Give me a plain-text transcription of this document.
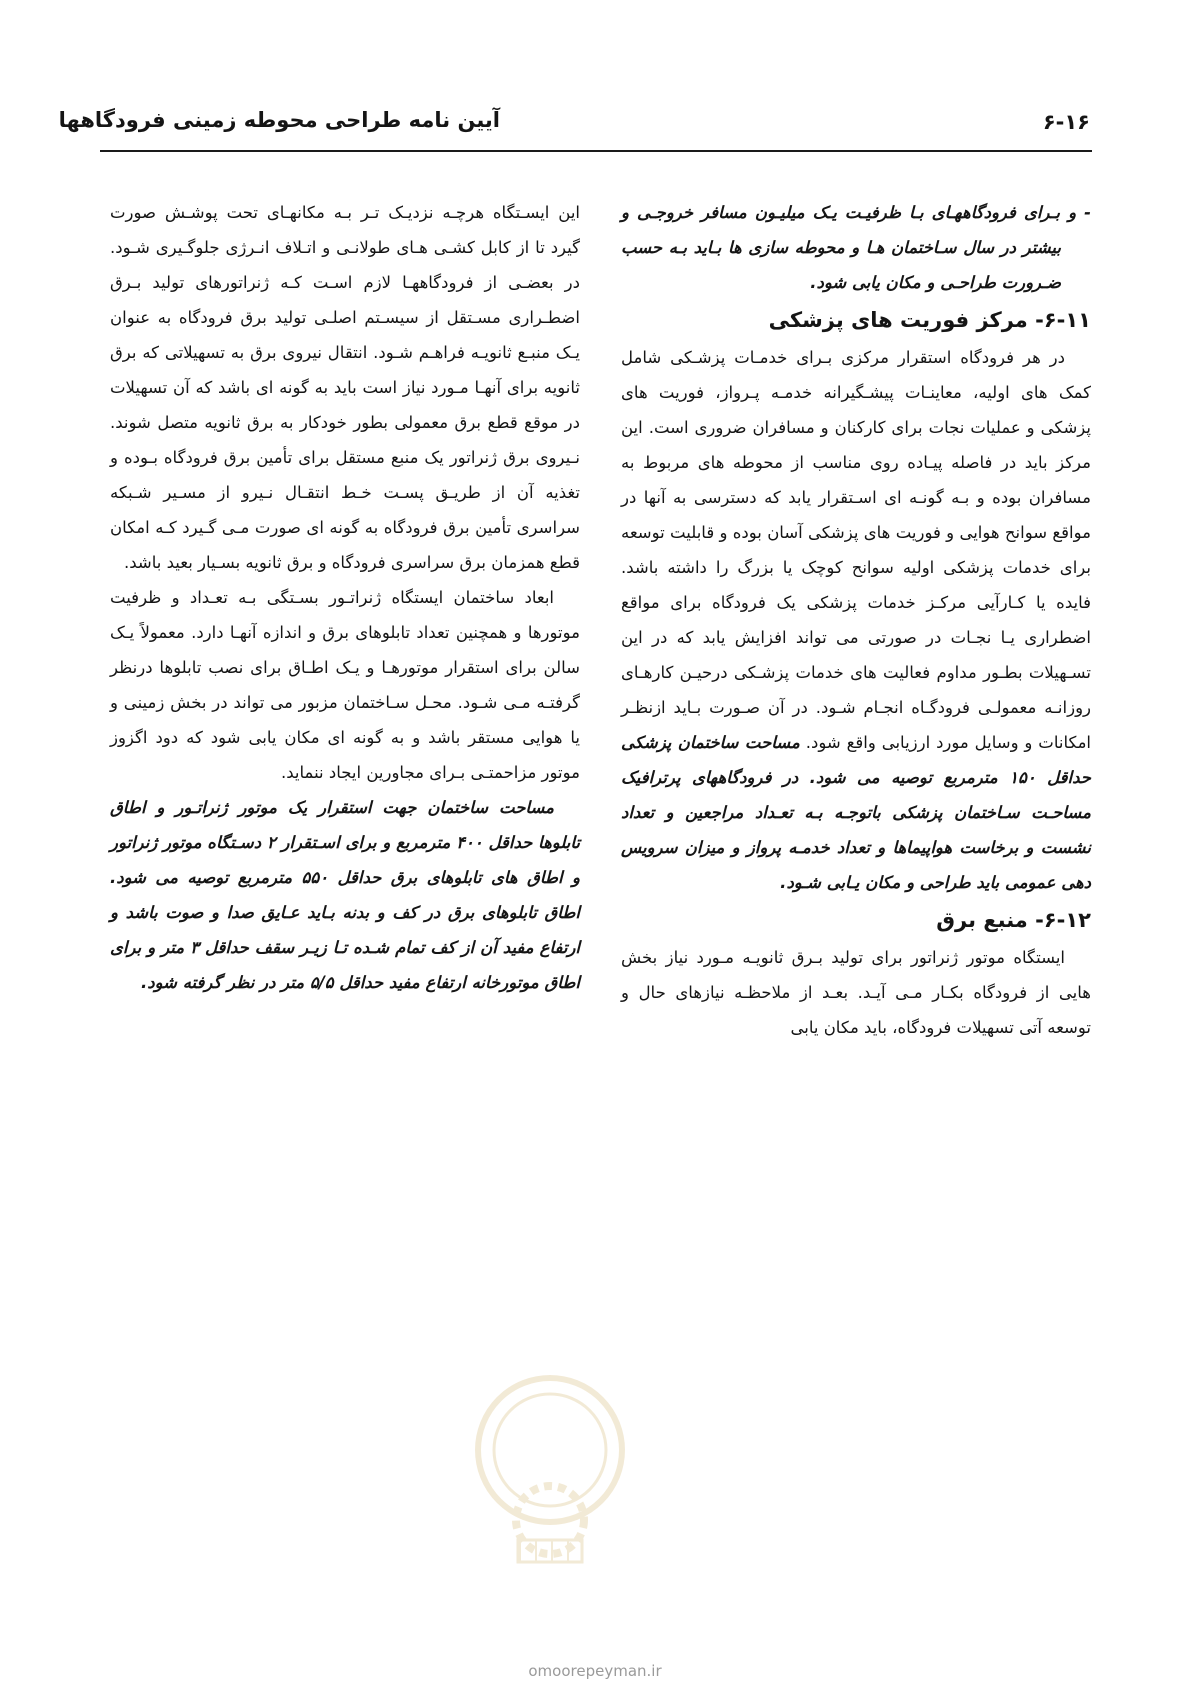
آیین نامه طراحی محوطه زمینی فرودگاهها	۶-۱۶

- و بـرای فرودگاههـای بـا ظرفیـت یـک میلیـون مسافر خروجـی و بیشتر در سال سـاختمان هـا و محوطه سازی ها بـاید بـه حسب ضـرورت طراحـی و مکان یابی شود.

۶-۱۱- مرکز فوریت های پزشکی

در هر فرودگاه استقرار مرکزی بـرای خدمـات پزشـکی شامل کمک های اولیه، معاینـات پیشـگیرانه خدمـه پـرواز، فوریت های پزشکی و عملیات نجات برای کارکنان و مسافران ضروری است. این مرکز باید در فاصله پیـاده روی مناسب از محوطه های مربوط به مسافران بوده و بـه گونـه ای اسـتقرار یابد که دسترسی به آنها در مواقع سوانح هوایی و فوریت های پزشکی آسان بوده و قابلیت توسعه برای خدمات پزشکی اولیه سوانح کوچک یا بزرگ را داشته باشد. فایده یا کـارآیی مرکـز خدمات پزشکی یک فرودگاه برای مواقع اضطراری یـا نجـات در صورتی می تواند افزایش یابد که در این تسـهیلات بطـور مداوم فعالیت های خدمات پزشـکی درحیـن کارهـای روزانـه معمولـی فرودگـاه انجـام شـود. در آن صـورت بـاید ازنظـر امکانات و وسایل مورد ارزیابی واقع شود. مساحت ساختمان پزشکی حداقل ۱۵۰ مترمربع توصیه می شود. در فرودگاههای پرترافیک مساحـت سـاختمان پزشکی باتوجـه بـه تعـداد مراجعین و تعداد نشست و برخاست هواپیماها و تعداد خدمـه پرواز و میزان سرویس دهی عمومی باید طراحی و مکان یـابی شـود.

۶-۱۲- منبع برق

ایستگاه موتور ژنراتور برای تولید بـرق ثانویـه مـورد نیاز بخش هایی از فرودگاه بکـار مـی آیـد. بعـد از ملاحظـه نیازهای حال و توسعه آتی تسهیلات فرودگاه، باید مکان یابی

این ایسـتگاه هرچـه نزدیـک تـر بـه مکانهـای تحت پوشـش صورت گیرد تا از کابل کشـی هـای طولانـی و اتـلاف انـرژی جلوگـیری شـود. در بعضـی از فرودگاههـا لازم اسـت کـه ژنراتورهای تولید بـرق اضطـراری مسـتقل از سیسـتم اصلـی تولید برق فرودگاه به عنوان یـک منبـع ثانویـه فراهـم شـود. انتقال نیروی برق به تسهیلاتی که برق ثانویه برای آنهـا مـورد نیاز است باید به گونه ای باشد که آن تسهیلات در موقع قطع برق معمولی بطور خودکار به برق ثانویه متصل شوند. نـیروی برق ژنراتور یک منبع مستقل برای تأمین برق فرودگاه بـوده و تغذیه آن از طریـق پسـت خـط انتقـال نـیرو از مسـیر شـبکه سراسری تأمین برق فرودگاه به گونه ای صورت مـی گـیرد کـه امکان قطع همزمان برق سراسری فرودگاه و برق ثانویه بسـیار بعید باشد.

ابعاد ساختمان ایستگاه ژنراتـور بسـتگی بـه تعـداد و ظرفیت موتورها و همچنین تعداد تابلوهای برق و اندازه آنهـا دارد. معمولاً یـک سالن برای استقرار موتورهـا و یـک اطـاق برای نصب تابلوها درنظر گرفتـه مـی شـود. محـل سـاختمان مزبور می تواند در بخش زمینی و یا هوایی مستقر باشد و به گونه ای مکان یابی شود که دود اگزوز موتور مزاحمتـی بـرای مجاورین ایجاد ننماید.

مساحت ساختمان جهت استقرار یک موتور ژنراتـور و اطاق تابلوها حداقل ۴۰۰ مترمربع و برای اسـتقرار ۲ دسـتگاه موتور ژنراتور و اطاق های تابلوهای برق حداقل ۵۵۰ مترمربع توصیه می شود. اطاق تابلوهای برق در کف و بدنه بـاید عـایق صدا و صوت باشد و ارتفاع مفید آن از کف تمام شـده تـا زیـر سقف حداقل ۳ متر و برای اطاق موتورخانه ارتفاع مفید حداقل ۵/۵ متر در نظر گرفته شود.

omoorepeyman.ir
